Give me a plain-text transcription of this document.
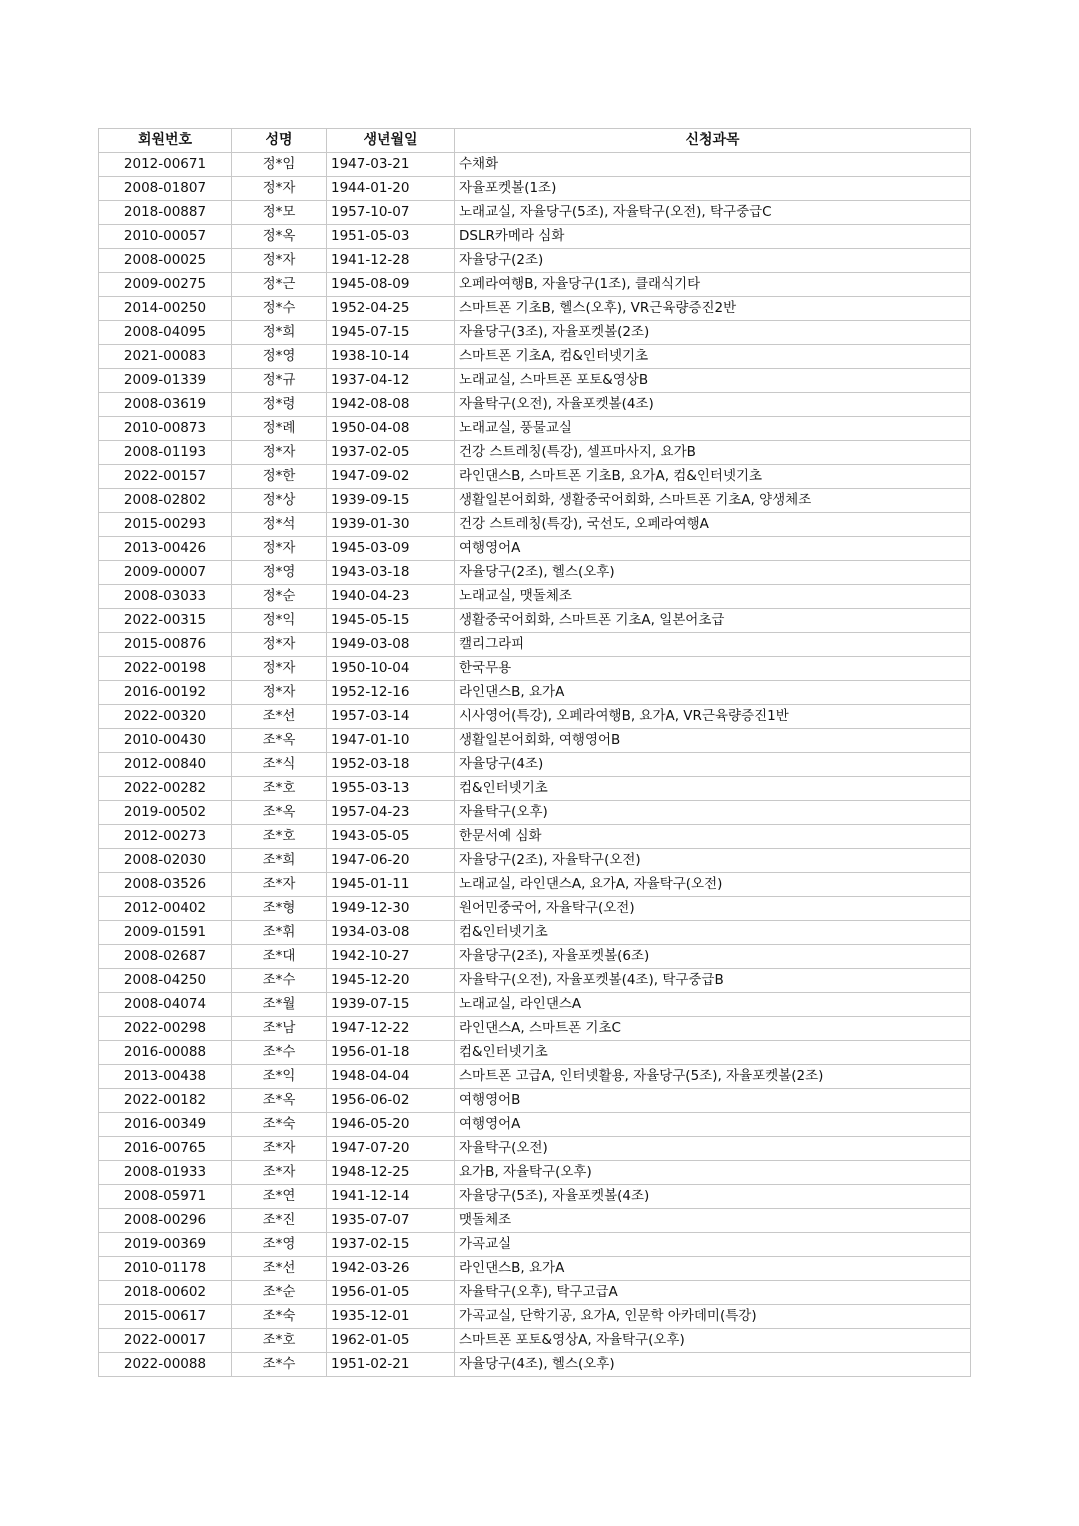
회원번호	성명	생년월일	신청과목
2012-00671	정*임	1947-03-21	수채화
2008-01807	정*자	1944-01-20	자율포켓볼(1조)
2018-00887	정*모	1957-10-07	노래교실, 자율당구(5조), 자율탁구(오전), 탁구중급C
2010-00057	정*옥	1951-05-03	DSLR카메라 심화
2008-00025	정*자	1941-12-28	자율당구(2조)
2009-00275	정*근	1945-08-09	오페라여행B, 자율당구(1조), 클래식기타
2014-00250	정*수	1952-04-25	스마트폰 기초B, 헬스(오후), VR근육량증진2반
2008-04095	정*희	1945-07-15	자율당구(3조), 자율포켓볼(2조)
2021-00083	정*영	1938-10-14	스마트폰 기초A, 컴&인터넷기초
2009-01339	정*규	1937-04-12	노래교실, 스마트폰 포토&영상B
2008-03619	정*령	1942-08-08	자율탁구(오전), 자율포켓볼(4조)
2010-00873	정*례	1950-04-08	노래교실, 풍물교실
2008-01193	정*자	1937-02-05	건강 스트레칭(특강), 셀프마사지, 요가B
2022-00157	정*한	1947-09-02	라인댄스B, 스마트폰 기초B, 요가A, 컴&인터넷기초
2008-02802	정*상	1939-09-15	생활일본어회화, 생활중국어회화, 스마트폰 기초A, 양생체조
2015-00293	정*석	1939-01-30	건강 스트레칭(특강), 국선도, 오페라여행A
2013-00426	정*자	1945-03-09	여행영어A
2009-00007	정*영	1943-03-18	자율당구(2조), 헬스(오후)
2008-03033	정*순	1940-04-23	노래교실, 맷돌체조
2022-00315	정*익	1945-05-15	생활중국어회화, 스마트폰 기초A, 일본어초급
2015-00876	정*자	1949-03-08	캘리그라피
2022-00198	정*자	1950-10-04	한국무용
2016-00192	정*자	1952-12-16	라인댄스B, 요가A
2022-00320	조*선	1957-03-14	시사영어(특강), 오페라여행B, 요가A, VR근육량증진1반
2010-00430	조*옥	1947-01-10	생활일본어회화, 여행영어B
2012-00840	조*식	1952-03-18	자율당구(4조)
2022-00282	조*호	1955-03-13	컴&인터넷기초
2019-00502	조*옥	1957-04-23	자율탁구(오후)
2012-00273	조*호	1943-05-05	한문서예 심화
2008-02030	조*희	1947-06-20	자율당구(2조), 자율탁구(오전)
2008-03526	조*자	1945-01-11	노래교실, 라인댄스A, 요가A, 자율탁구(오전)
2012-00402	조*형	1949-12-30	원어민중국어, 자율탁구(오전)
2009-01591	조*휘	1934-03-08	컴&인터넷기초
2008-02687	조*대	1942-10-27	자율당구(2조), 자율포켓볼(6조)
2008-04250	조*수	1945-12-20	자율탁구(오전), 자율포켓볼(4조), 탁구중급B
2008-04074	조*월	1939-07-15	노래교실, 라인댄스A
2022-00298	조*남	1947-12-22	라인댄스A, 스마트폰 기초C
2016-00088	조*수	1956-01-18	컴&인터넷기초
2013-00438	조*익	1948-04-04	스마트폰 고급A, 인터넷활용, 자율당구(5조), 자율포켓볼(2조)
2022-00182	조*옥	1956-06-02	여행영어B
2016-00349	조*숙	1946-05-20	여행영어A
2016-00765	조*자	1947-07-20	자율탁구(오전)
2008-01933	조*자	1948-12-25	요가B, 자율탁구(오후)
2008-05971	조*연	1941-12-14	자율당구(5조), 자율포켓볼(4조)
2008-00296	조*진	1935-07-07	맷돌체조
2019-00369	조*영	1937-02-15	가곡교실
2010-01178	조*선	1942-03-26	라인댄스B, 요가A
2018-00602	조*순	1956-01-05	자율탁구(오후), 탁구고급A
2015-00617	조*숙	1935-12-01	가곡교실, 단학기공, 요가A, 인문학 아카데미(특강)
2022-00017	조*호	1962-01-05	스마트폰 포토&영상A, 자율탁구(오후)
2022-00088	조*수	1951-02-21	자율당구(4조), 헬스(오후)
